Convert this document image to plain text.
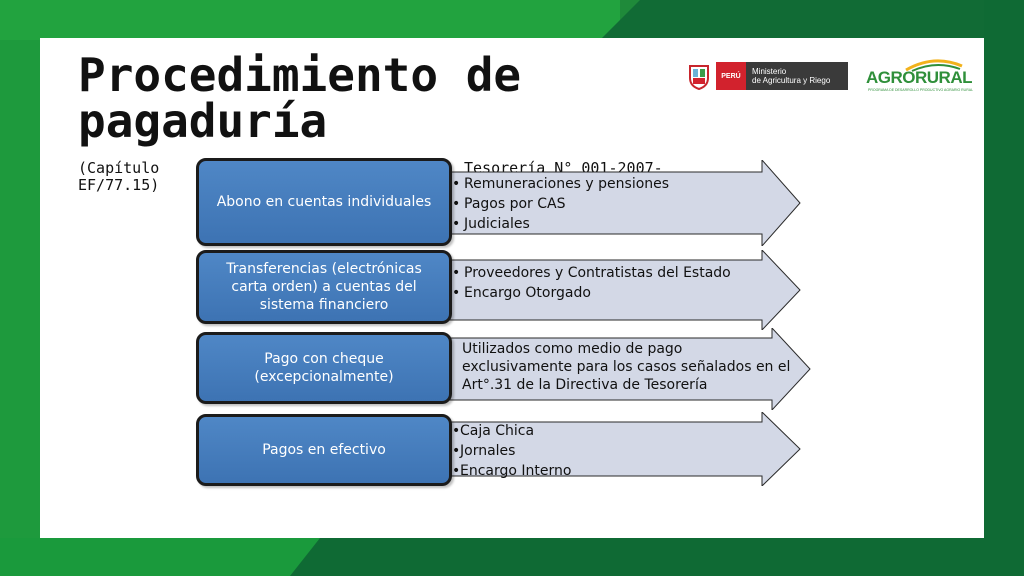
Procedimiento de pagaduría
(Capítulo
EF/77.15)
Tesorería N° 001-2007-
PERÚ	Ministerio
de Agricultura y Riego	AGRORURAL
PROGRAMA DE DESARROLLO PRODUCTIVO AGRARIO RURAL
Abono en cuentas individuales
Transferencias (electrónicas carta orden) a cuentas del sistema financiero
Pago con cheque (excepcionalmente)
Pagos en efectivo
• Remuneraciones y pensiones
• Pagos por CAS
• Judiciales
• Proveedores y Contratistas del Estado
• Encargo Otorgado
Utilizados como medio de pago
exclusivamente para los casos señalados en el
Art°.31 de la Directiva de Tesorería
•Caja Chica
•Jornales
•Encargo Interno
